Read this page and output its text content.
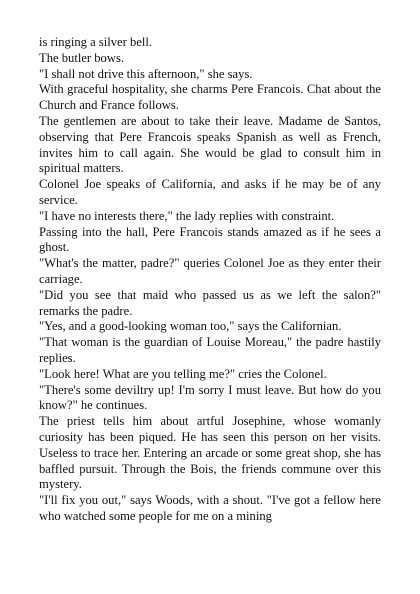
is ringing a silver bell.

The butler bows.

"I shall not drive this afternoon," she says.

With graceful hospitality, she charms Pere Francois. Chat about the Church and France follows.

The gentlemen are about to take their leave. Madame de Santos, observing that Pere Francois speaks Spanish as well as French, invites him to call again. She would be glad to consult him in spiritual matters.

Colonel Joe speaks of California, and asks if he may be of any service.

"I have no interests there," the lady replies with constraint.

Passing into the hall, Pere Francois stands amazed as if he sees a ghost.

"What's the matter, padre?" queries Colonel Joe as they enter their carriage.

"Did you see that maid who passed us as we left the salon?" remarks the padre.

"Yes, and a good-looking woman too," says the Californian.

"That woman is the guardian of Louise Moreau," the padre hastily replies.

"Look here! What are you telling me?" cries the Colonel.

"There's some deviltry up! I'm sorry I must leave. But how do you know?" he continues.

The priest tells him about artful Josephine, whose womanly curiosity has been piqued. He has seen this person on her visits. Useless to trace her. Entering an arcade or some great shop, she has baffled pursuit. Through the Bois, the friends commune over this mystery.

"I'll fix you out," says Woods, with a shout. "I've got a fellow here who watched some people for me on a mining
